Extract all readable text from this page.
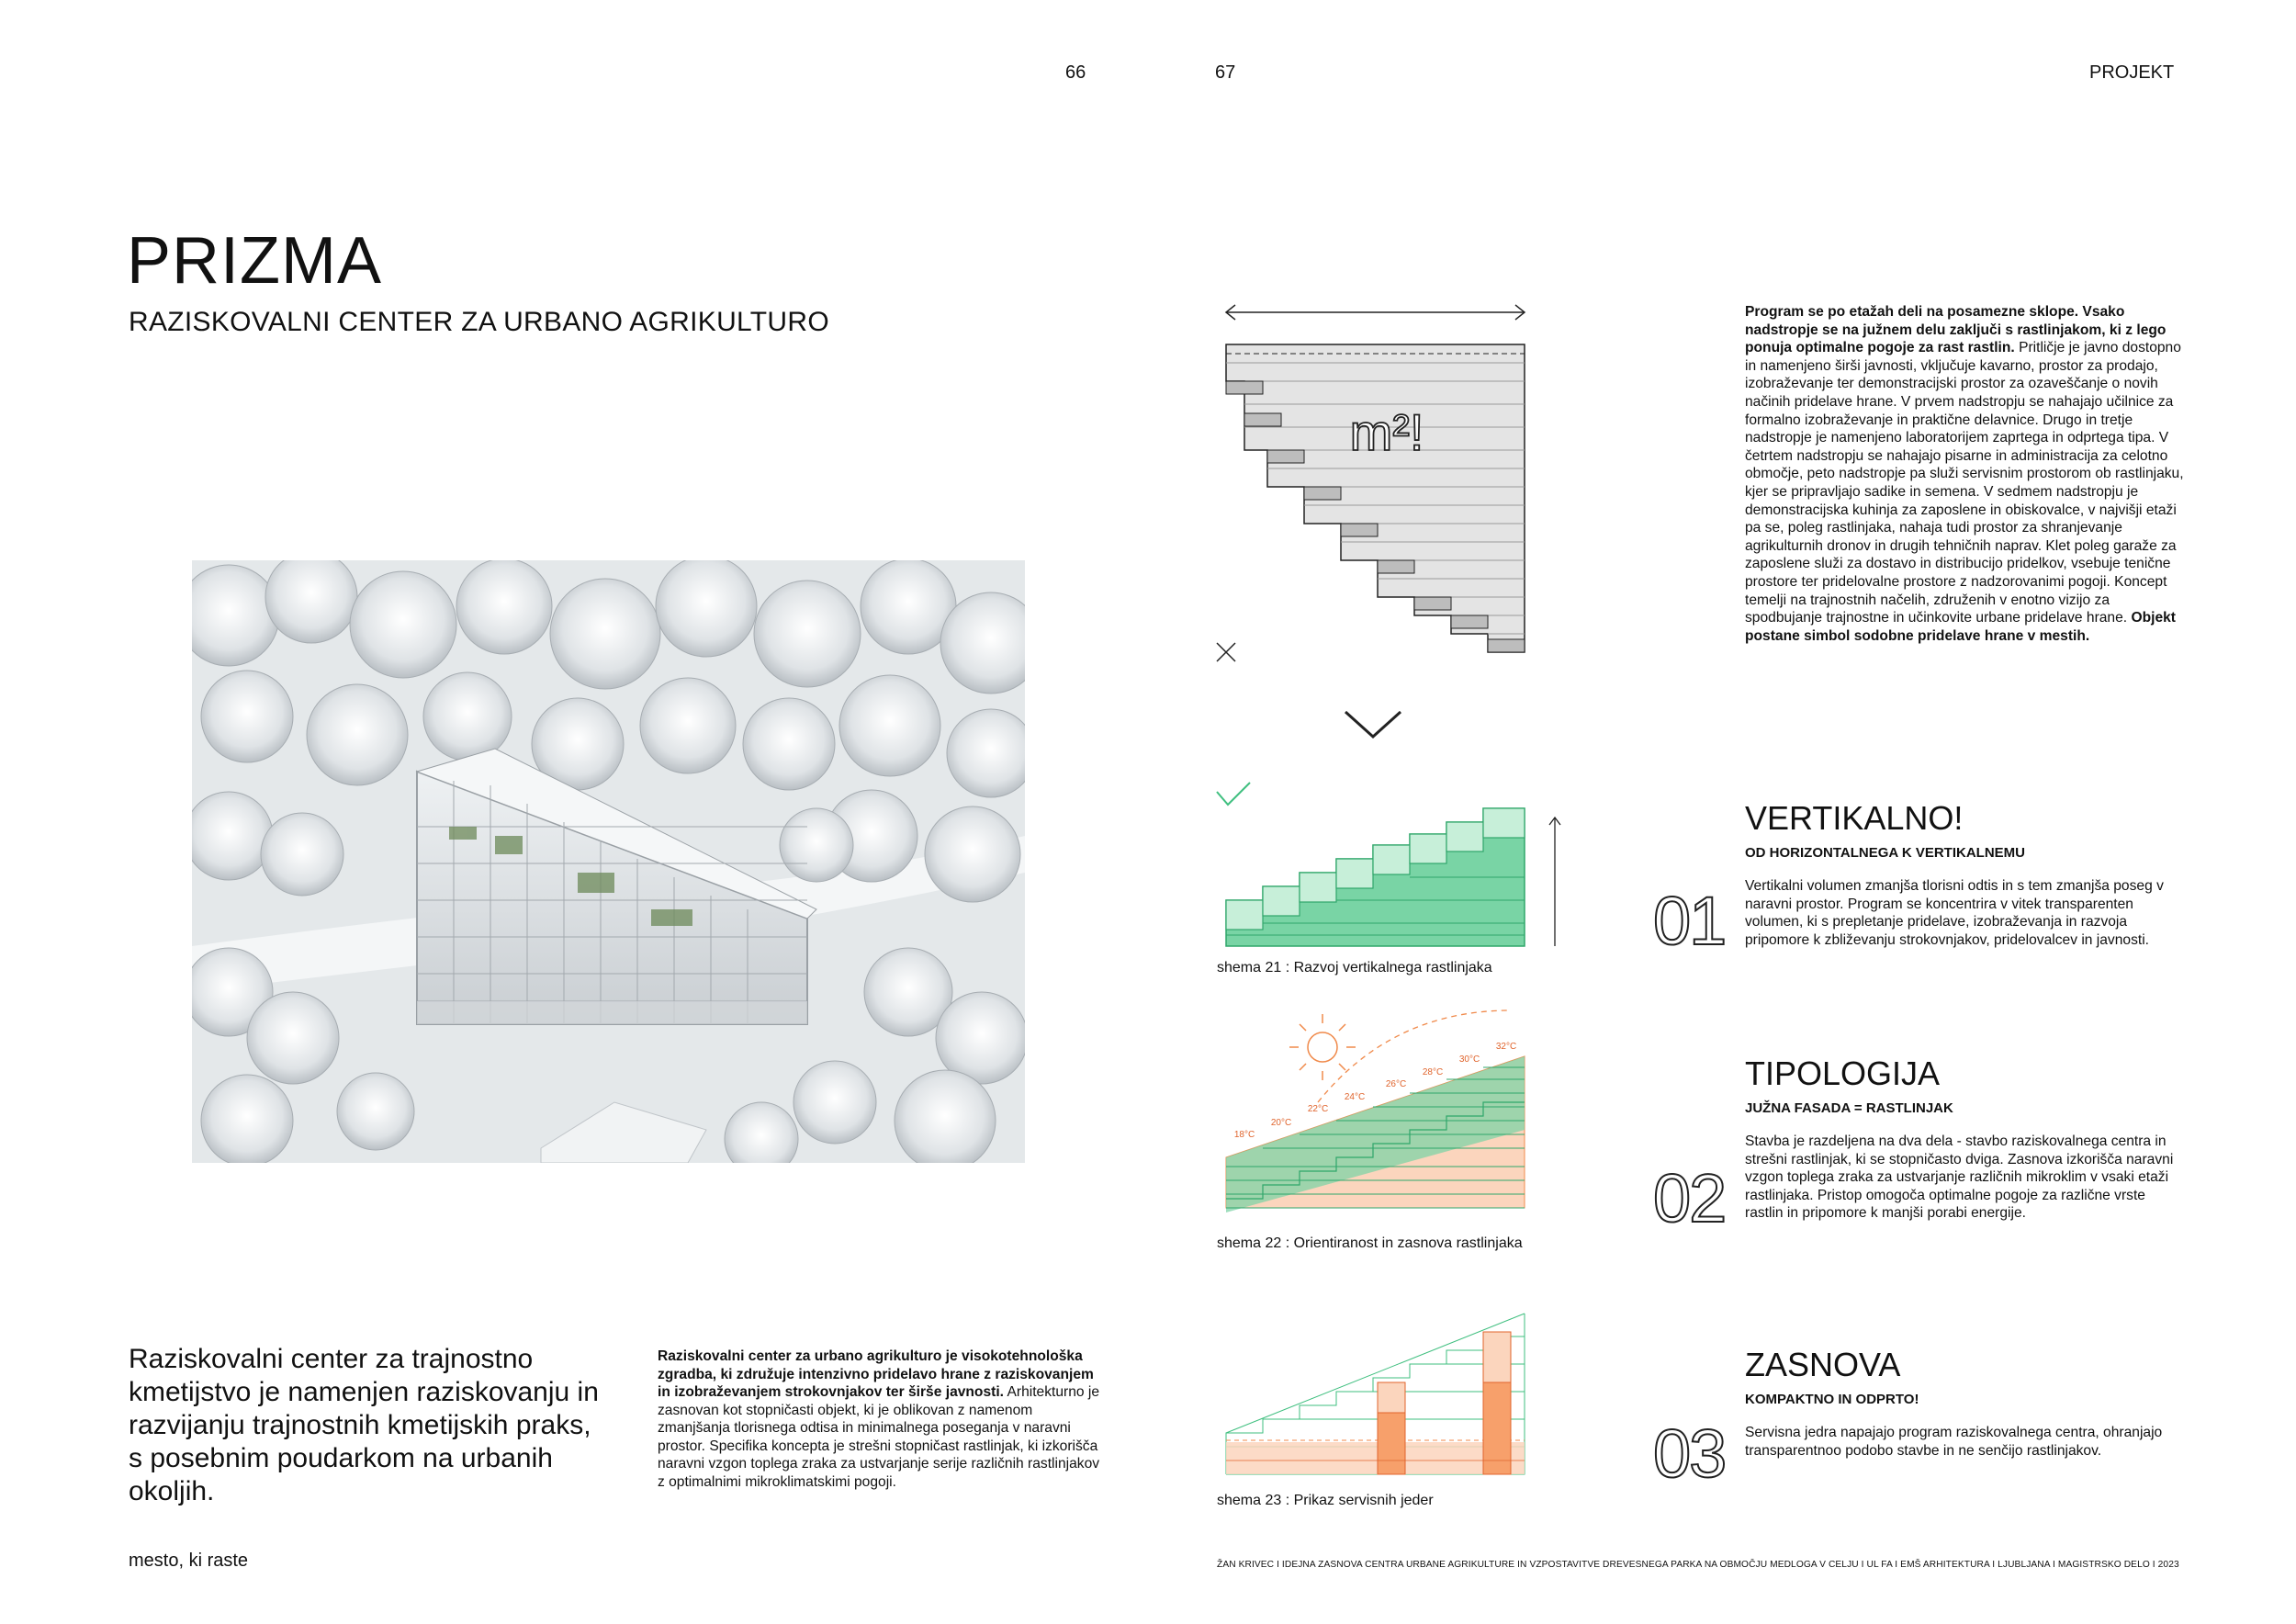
66	67	PROJEKT
PRIZMA
RAZISKOVALNI CENTER ZA URBANO AGRIKULTURO
Raziskovalni center za trajnostno kmetijstvo je namenjen raziskovanju in razvijanju trajnostnih kmetijskih praks, s posebnim poudarkom na urbanih okoljih.
Raziskovalni center za urbano agrikulturo je visokotehnološka zgradba, ki združuje intenzivno pridelavo hrane z raziskovanjem in izobraževanjem strokovnjakov ter širše javnosti. Arhitekturno je zasnovan kot stopničasti objekt, ki je oblikovan z namenom zmanjšanja tlorisnega odtisa in minimalnega poseganja v naravni prostor. Specifika koncepta je strešni stopničast rastlinjak, ki izkorišča naravni vzgon toplega zraka za ustvarjanje serije različnih rastlinjakov z optimalnimi mikroklimatskimi pogoji.
mesto, ki raste	ŽAN KRIVEC I IDEJNA ZASNOVA CENTRA URBANE AGRIKULTURE IN VZPOSTAVITVE DREVESNEGA PARKA NA OBMOČJU MEDLOGA V CELJU I UL FA I EMŠ ARHITEKTURA I LJUBLJANA I MAGISTRSKO DELO I 2023
m²!
shema 21 : Razvoj vertikalnega rastlinjaka
18°C
20°C
22°C
24°C
26°C
28°C
30°C
32°C
shema 22 : Orientiranost in zasnova rastlinjaka
shema 23 : Prikaz servisnih jeder
Program se po etažah deli na posamezne sklope. Vsako nadstropje se na južnem delu zaključi s rastlinjakom, ki z lego ponuja optimalne pogoje za rast rastlin. Pritličje je javno dostopno in namenjeno širši javnosti, vključuje kavarno, prostor za prodajo, izobraževanje ter demonstracijski prostor za ozaveščanje o novih načinih pridelave hrane. V prvem nadstropju se nahajajo učilnice za formalno izobraževanje in praktične delavnice. Drugo in tretje nadstropje je namenjeno laboratorijem zaprtega in odprtega tipa. V četrtem nadstropju se nahajajo pisarne in administracija za celotno območje, peto nadstropje pa služi servisnim prostorom ob rastlinjaku, kjer se pripravljajo sadike in semena. V sedmem nadstropju je demonstracijska kuhinja za zaposlene in obiskovalce, v najvišji etaži pa se, poleg rastlinjaka, nahaja tudi prostor za shranjevanje agrikulturnih dronov in drugih tehničnih naprav. Klet poleg garaže za zaposlene služi za dostavo in distribucijo pridelkov, vsebuje teničnе prostore ter pridelovalne prostore z nadzorovanimi pogoji. Koncept temelji na trajnostnih načelih, združenih v enotno vizijo za spodbujanje trajnostne in učinkovite urbane pridelave hrane. Objekt postane simbol sodobne pridelave hrane v mestih.
VERTIKALNO!
OD HORIZONTALNEGA K VERTIKALNEMU
01 Vertikalni volumen zmanjša tlorisni odtis in s tem zmanjša poseg v naravni prostor. Program se koncentrira v vitek transparenten volumen, ki s prepletanje pridelave, izobraževanja in razvoja pripomore k zbliževanju strokovnjakov, pridelovalcev in javnosti.
TIPOLOGIJA
JUŽNA FASADA = RASTLINJAK
02
Stavba je razdeljena na dva dela - stavbo raziskovalnega centra in strešni rastlinjak, ki se stopničasto dviga. Zasnova izkorišča naravni vzgon toplega zraka za ustvarjanje različnih mikroklim v vsaki etaži rastlinjaka. Pristop omogoča optimalne pogoje za različne vrste rastlin in pripomore k manjši porabi energije.
ZASNOVA
KOMPAKTNO IN ODPRTO!
03 Servisna jedra napajajo program raziskovalnega centra, ohranjajo transparentnoo podobo stavbe in ne senčijo rastlinjakov.
